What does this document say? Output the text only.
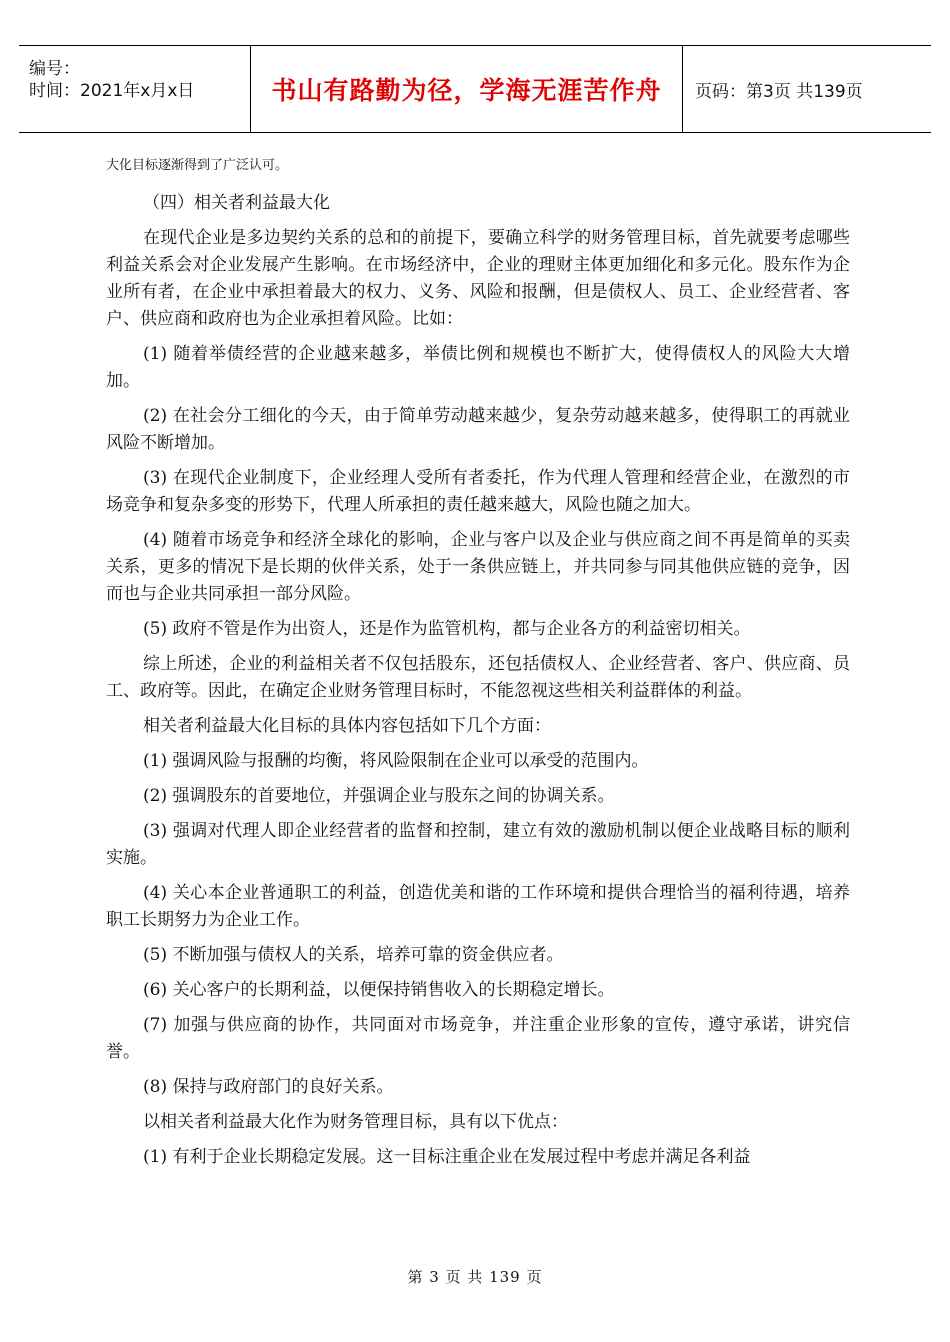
编号：
时间：2021年x月x日	书山有路勤为径，学海无涯苦作舟	页码：第3页 共139页

大化目标逐渐得到了广泛认可。

（四）相关者利益最大化

在现代企业是多边契约关系的总和的前提下，要确立科学的财务管理目标，首先就要考虑哪些利益关系会对企业发展产生影响。在市场经济中，企业的理财主体更加细化和多元化。股东作为企业所有者，在企业中承担着最大的权力、义务、风险和报酬，但是债权人、员工、企业经营者、客户、供应商和政府也为企业承担着风险。比如：

(1) 随着举债经营的企业越来越多，举债比例和规模也不断扩大，使得债权人的风险大大增加。

(2) 在社会分工细化的今天，由于简单劳动越来越少，复杂劳动越来越多，使得职工的再就业风险不断增加。

(3) 在现代企业制度下，企业经理人受所有者委托，作为代理人管理和经营企业，在激烈的市场竞争和复杂多变的形势下，代理人所承担的责任越来越大，风险也随之加大。

(4) 随着市场竞争和经济全球化的影响，企业与客户以及企业与供应商之间不再是简单的买卖关系，更多的情况下是长期的伙伴关系，处于一条供应链上，并共同参与同其他供应链的竞争，因而也与企业共同承担一部分风险。

(5) 政府不管是作为出资人，还是作为监管机构，都与企业各方的利益密切相关。

综上所述，企业的利益相关者不仅包括股东，还包括债权人、企业经营者、客户、供应商、员工、政府等。因此，在确定企业财务管理目标时，不能忽视这些相关利益群体的利益。

相关者利益最大化目标的具体内容包括如下几个方面：

(1) 强调风险与报酬的均衡，将风险限制在企业可以承受的范围内。

(2) 强调股东的首要地位，并强调企业与股东之间的协调关系。

(3) 强调对代理人即企业经营者的监督和控制，建立有效的激励机制以便企业战略目标的顺利实施。

(4) 关心本企业普通职工的利益，创造优美和谐的工作环境和提供合理恰当的福利待遇，培养职工长期努力为企业工作。

(5) 不断加强与债权人的关系，培养可靠的资金供应者。

(6) 关心客户的长期利益，以便保持销售收入的长期稳定增长。

(7) 加强与供应商的协作，共同面对市场竞争，并注重企业形象的宣传，遵守承诺，讲究信誉。

(8) 保持与政府部门的良好关系。

以相关者利益最大化作为财务管理目标，具有以下优点：

(1) 有利于企业长期稳定发展。这一目标注重企业在发展过程中考虑并满足各利益

第 3 页 共 139 页
